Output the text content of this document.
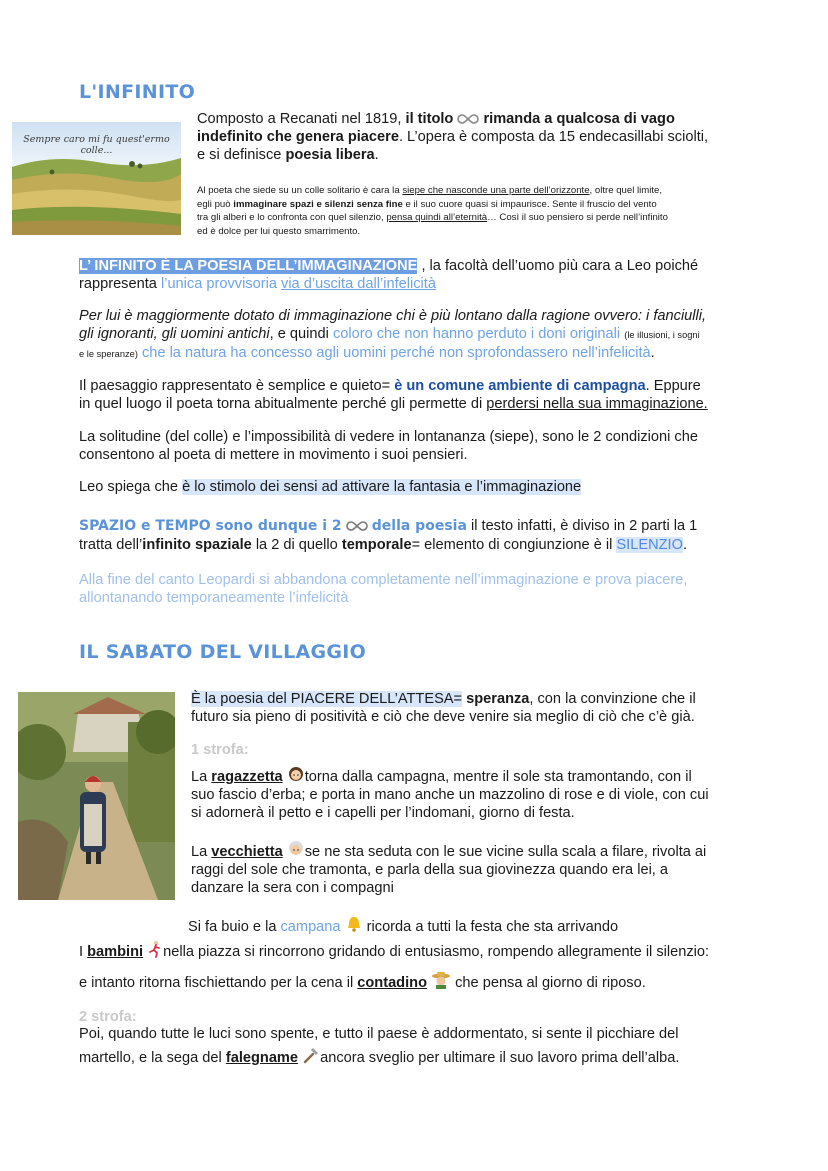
L'INFINITO
Sempre caro mi fu quest'ermo colle...
Composto a Recanati nel 1819, il titolo rimanda a qualcosa di vago
indefinito che genera piacere. L’opera è composta da 15 endecasillabi sciolti,
e si definisce poesia libera.
Al poeta che siede su un colle solitario è cara la siepe che nasconde una parte dell’orizzonte, oltre quel limite,
egli può immaginare spazi e silenzi senza fine e il suo cuore quasi si impaurisce. Sente il fruscio del vento
tra gli alberi e lo confronta con quel silenzio, pensa quindi all’eternità… Così il suo pensiero si perde nell’infinito
ed è dolce per lui questo smarrimento.
L’ INFINITO È LA POESIA DELL’IMMAGINAZIONE , la facoltà dell’uomo più cara a Leo poiché
rappresenta l’unica provvisoria via d’uscita dall’infelicità
Per lui è maggiormente dotato di immaginazione chi è più lontano dalla ragione ovvero: i fanciulli,
gli ignoranti, gli uomini antichi, e quindi coloro che non hanno perduto i doni originali (le illusioni, i sogni
e le speranze) che la natura ha concesso agli uomini perché non sprofondassero nell’infelicità.
Il paesaggio rappresentato è semplice e quieto= è un comune ambiente di campagna. Eppure
in quel luogo il poeta torna abitualmente perché gli permette di perdersi nella sua immaginazione.
La solitudine (del colle) e l’impossibilità di vedere in lontananza (siepe), sono le 2 condizioni che
consentono al poeta di mettere in movimento i suoi pensieri.
Leo spiega che è lo stimolo dei sensi ad attivare la fantasia e l’immaginazione
SPAZIO e TEMPO sono dunque i 2 della poesia il testo infatti, è diviso in 2 parti la 1
tratta dell’infinito spaziale la 2 di quello temporale= elemento di congiunzione è il SILENZIO.
Alla fine del canto Leopardi si abbandona completamente nell’immaginazione e prova piacere,
allontanando temporaneamente l’infelicità
IL SABATO DEL VILLAGGIO
È la poesia del PIACERE DELL’ATTESA= speranza, con la convinzione che il
futuro sia pieno di positività e ciò che deve venire sia meglio di ciò che c’è già.
1 strofa:
La ragazzetta torna dalla campagna, mentre il sole sta tramontando, con il
suo fascio d’erba; e porta in mano anche un mazzolino di rose e di viole, con cui
si adornerà il petto e i capelli per l’indomani, giorno di festa.
La vecchietta se ne sta seduta con le sue vicine sulla scala a filare, rivolta ai
raggi del sole che tramonta, e parla della sua giovinezza quando era lei, a
danzare la sera con i compagni
Si fa buio e la campana ricorda a tutti la festa che sta arrivando
I bambini nella piazza si rincorrono gridando di entusiasmo, rompendo allegramente il silenzio:
e intanto ritorna fischiettando per la cena il contadino che pensa al giorno di riposo.
2 strofa:
Poi, quando tutte le luci sono spente, e tutto il paese è addormentato, si sente il picchiare del
martello, e la sega del falegname ancora sveglio per ultimare il suo lavoro prima dell’alba.
